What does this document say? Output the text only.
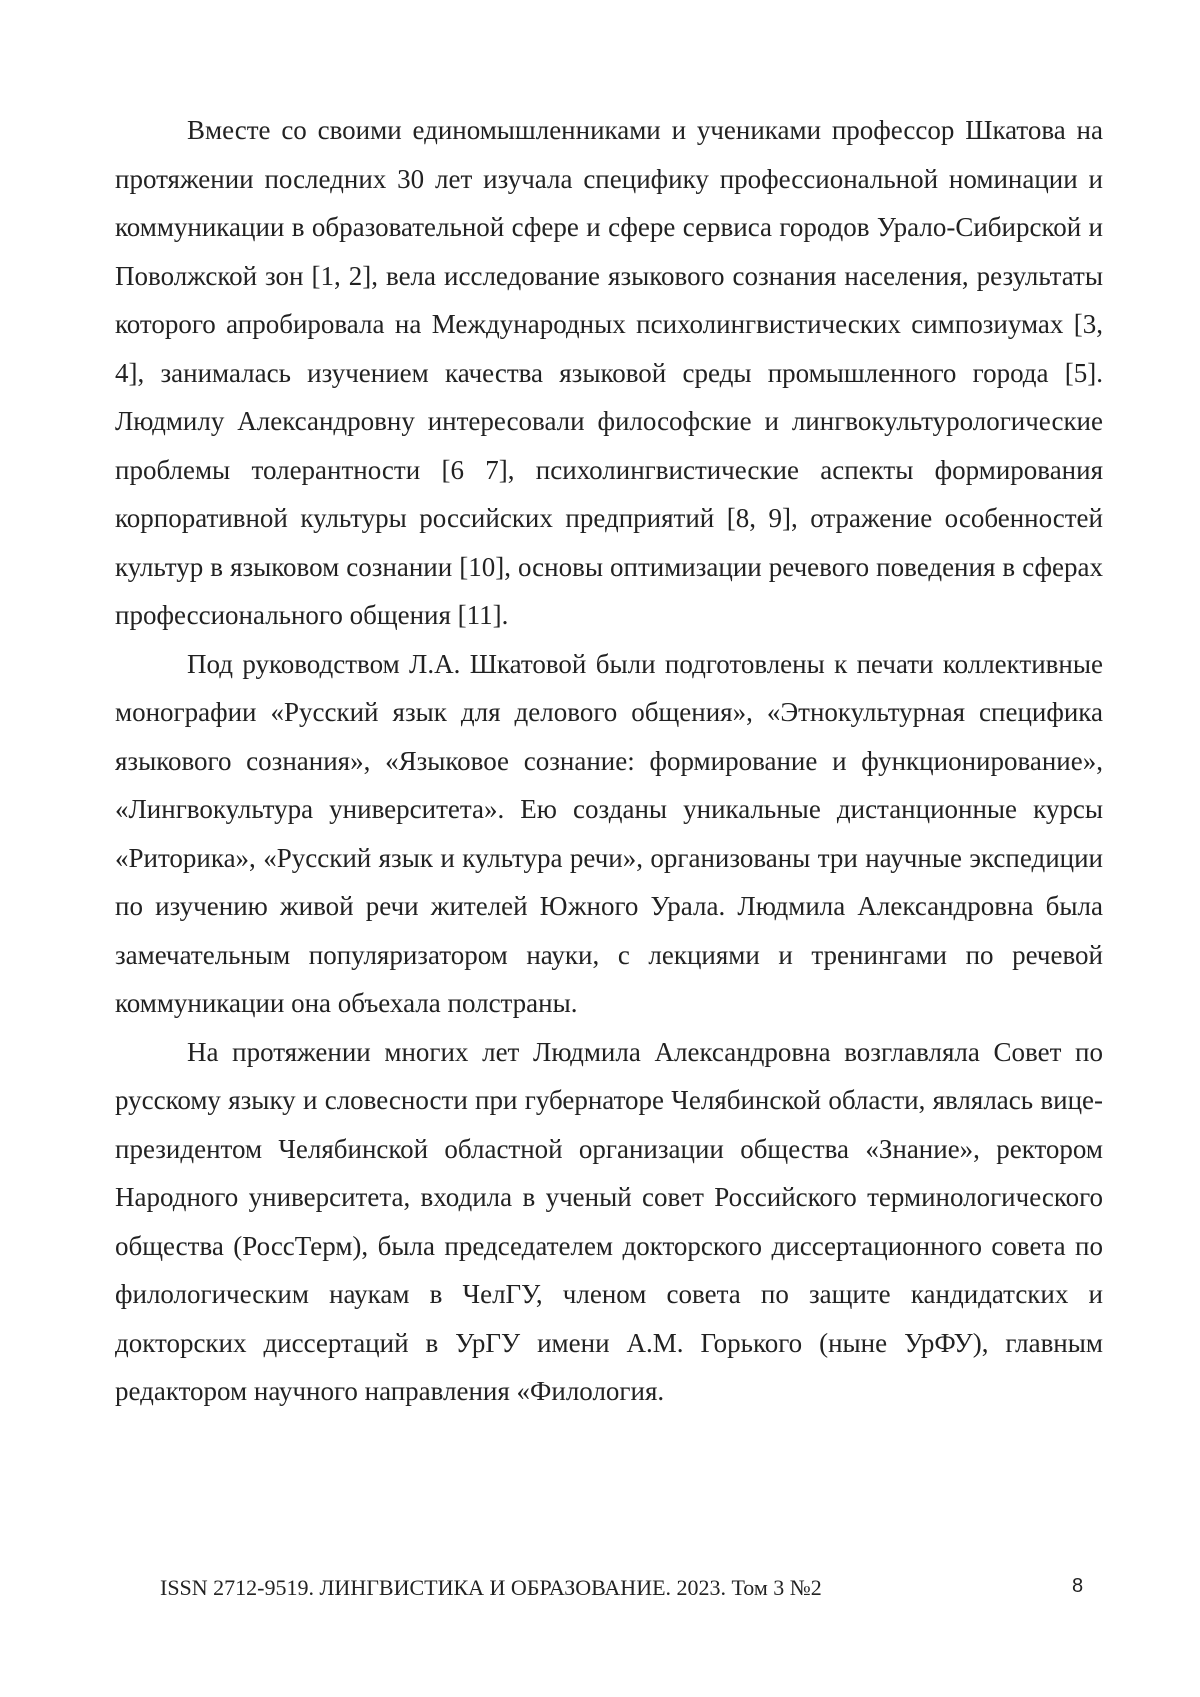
Вместе со своими единомышленниками и учениками профессор Шкатова на протяжении последних 30 лет изучала специфику профессиональной номинации и коммуникации в образовательной сфере и сфере сервиса городов Урало-Сибирской и Поволжской зон [1, 2], вела исследование языкового сознания населения, результаты которого апробировала на Международных психолингвистических симпозиумах [3, 4], занималась изучением качества языковой среды промышленного города [5]. Людмилу Александровну интересовали философские и лингвокультурологические проблемы толерантности [6 7], психолингвистические аспекты формирования корпоративной культуры российских предприятий [8, 9], отражение особенностей культур в языковом сознании [10], основы оптимизации речевого поведения в сферах профессионального общения [11].

Под руководством Л.А. Шкатовой были подготовлены к печати коллективные монографии «Русский язык для делового общения», «Этнокультурная специфика языкового сознания», «Языковое сознание: формирование и функционирование», «Лингвокультура университета». Ею созданы уникальные дистанционные курсы «Риторика», «Русский язык и культура речи», организованы три научные экспедиции по изучению живой речи жителей Южного Урала. Людмила Александровна была замечательным популяризатором науки, с лекциями и тренингами по речевой коммуникации она объехала полстраны.

На протяжении многих лет Людмила Александровна возглавляла Совет по русскому языку и словесности при губернаторе Челябинской области, являлась вице-президентом Челябинской областной организации общества «Знание», ректором Народного университета, входила в ученый совет Российского терминологического общества (РоссТерм), была председателем докторского диссертационного совета по филологическим наукам в ЧелГУ, членом совета по защите кандидатских и докторских диссертаций в УрГУ имени А.М. Горького (ныне УрФУ), главным редактором научного направления «Филология.

ISSN 2712-9519. ЛИНГВИСТИКА И ОБРАЗОВАНИЕ. 2023. Том 3 №2	8
